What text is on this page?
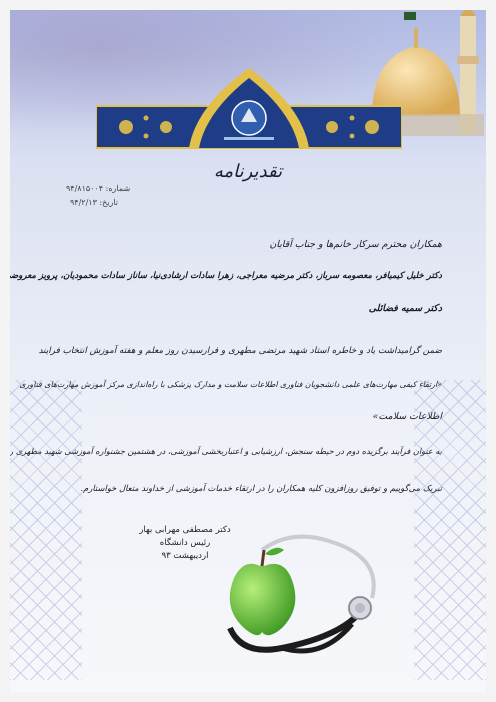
شماره: ۹۴/۸۱۵۰۰۴
تاریخ: ۹۴/۲/۱۳
تقدیرنامه
همکاران محترم سرکار خانم‌ها و جناب آقایان
دکتر خلیل کیمیافر، معصومه سرباز، دکتر مرضیه معراجی، زهرا سادات ارشادی‌نیا، ساناز سادات محمودیان، پرویز معروضی،
دکتر سمیه فضائلی
ضمن گرامیداشت یاد و خاطره استاد شهید مرتضی مطهری و فرارسیدن روز معلم و هفته آموزش انتخاب فرایند
«ارتقاء کیفی مهارت‌های علمی دانشجویان فناوری اطلاعات سلامت و مدارک پزشکی با راه‌اندازی مرکز آموزش مهارت‌های فناوری
اطلاعات سلامت»
به عنوان فرآیند برگزیده دوم در حیطه سنجش، ارزشیابی و اعتبار‌بخشی آموزشی، در هشتمین جشنواره آموزشی شهید مطهری را
تبریک می‌گوییم و توفیق روزافزون کلیه همکاران را در ارتقاء خدمات آموزشی از خداوند متعال خواستارم.
دکتر مصطفی مهرابی بهار
رئیس دانشگاه
اردیبهشت ۹۳
